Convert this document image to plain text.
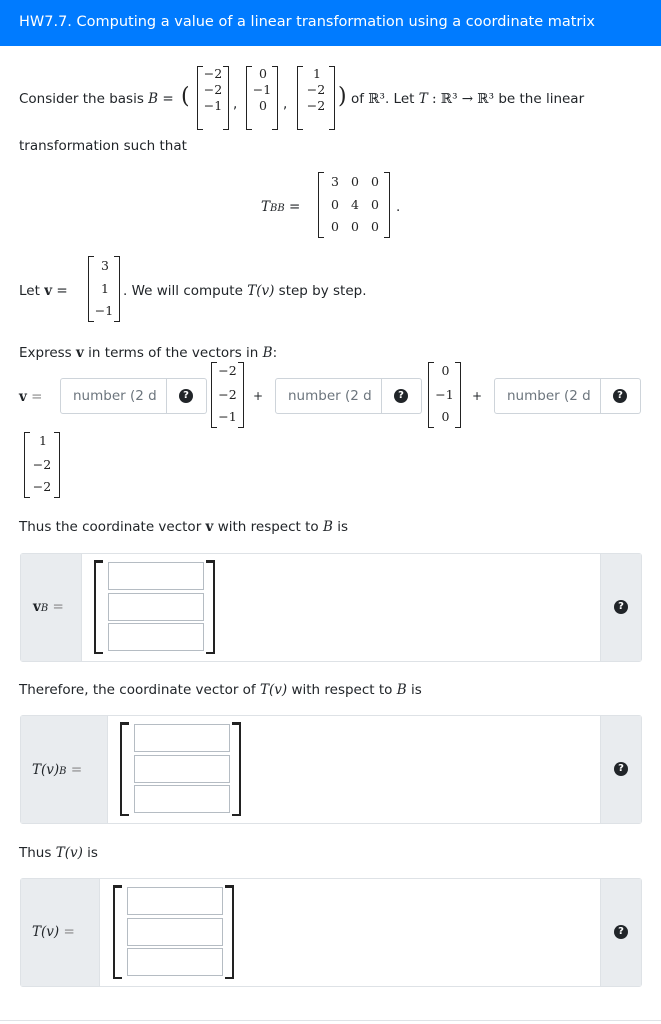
HW7.7. Computing a value of a linear transformation using a coordinate matrix
Consider the basis B = (
−2
−2
−1 ,
0
−1
0 ,
1
−2
−2 ) of ℝ³. Let T : ℝ³ → ℝ³ be the linear
transformation such that
TBB =
3 0 0
0 4 0
0 0 0
.
Let v =
3
1
−1
. We will compute T(v) step by step.
Express v in terms of the vectors in B:
v =	number (2 d	?
−2
−2
−1
+	number (2 d	?
0
−1
0
+	number (2 d	?
1
−2
−2
Thus the coordinate vector v with respect to B is
vB =	?
Therefore, the coordinate vector of T(v) with respect to B is
T(v)B =	?
Thus T(v) is
T(v) =	?
